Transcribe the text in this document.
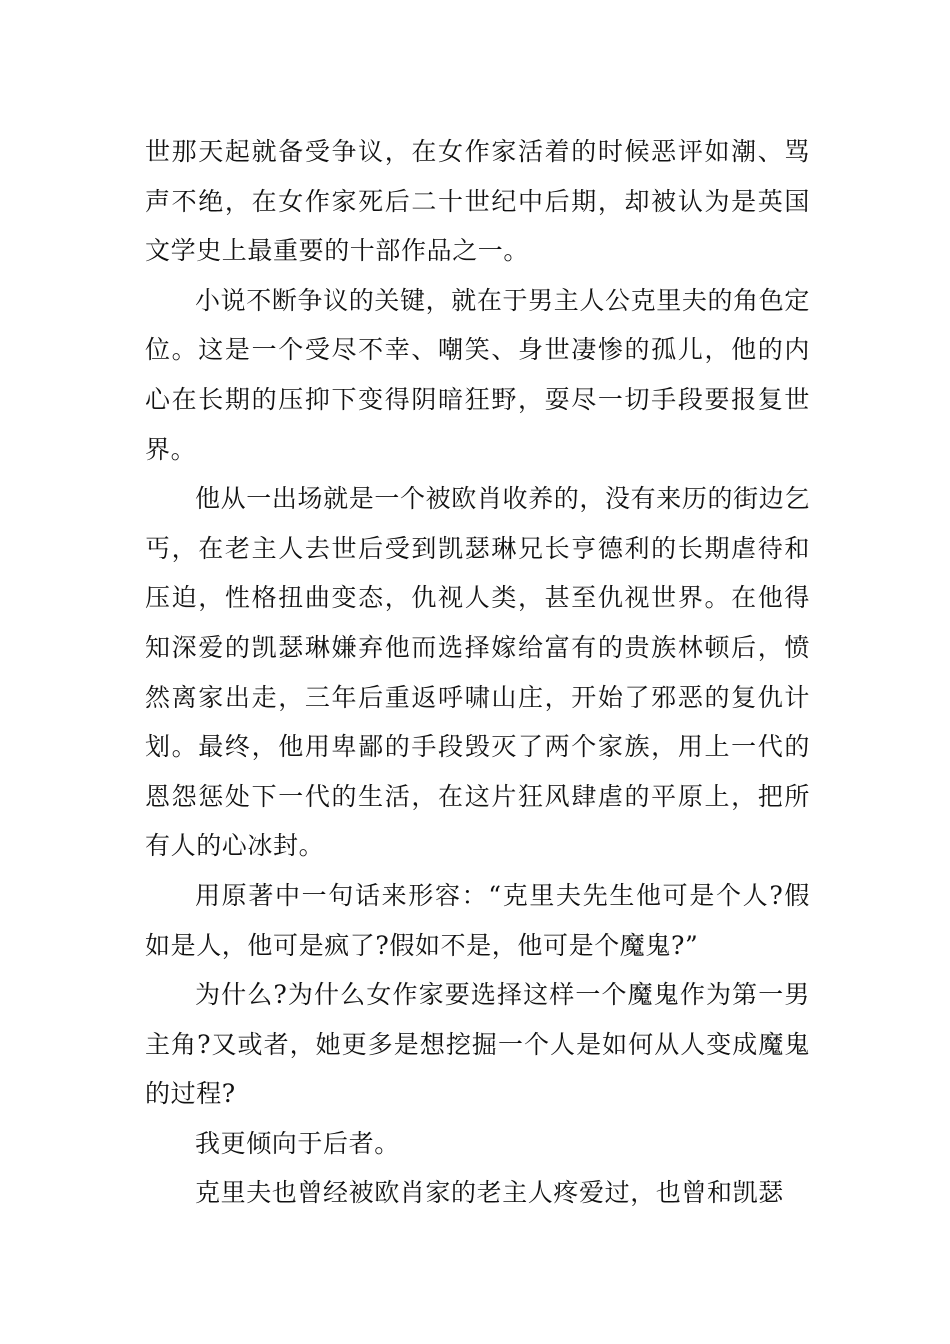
世那天起就备受争议，在女作家活着的时候恶评如潮、骂声不绝，在女作家死后二十世纪中后期，却被认为是英国文学史上最重要的十部作品之一。

小说不断争议的关键，就在于男主人公克里夫的角色定位。这是一个受尽不幸、嘲笑、身世凄惨的孤儿，他的内心在长期的压抑下变得阴暗狂野，耍尽一切手段要报复世界。

他从一出场就是一个被欧肖收养的，没有来历的街边乞丐，在老主人去世后受到凯瑟琳兄长亨德利的长期虐待和压迫，性格扭曲变态，仇视人类，甚至仇视世界。在他得知深爱的凯瑟琳嫌弃他而选择嫁给富有的贵族林顿后，愤然离家出走，三年后重返呼啸山庄，开始了邪恶的复仇计划。最终，他用卑鄙的手段毁灭了两个家族，用上一代的恩怨惩处下一代的生活，在这片狂风肆虐的平原上，把所有人的心冰封。

用原著中一句话来形容：“克里夫先生他可是个人?假如是人，他可是疯了?假如不是，他可是个魔鬼?”

为什么?为什么女作家要选择这样一个魔鬼作为第一男主角?又或者，她更多是想挖掘一个人是如何从人变成魔鬼的过程?

我更倾向于后者。

克里夫也曾经被欧肖家的老主人疼爱过，也曾和凯瑟
